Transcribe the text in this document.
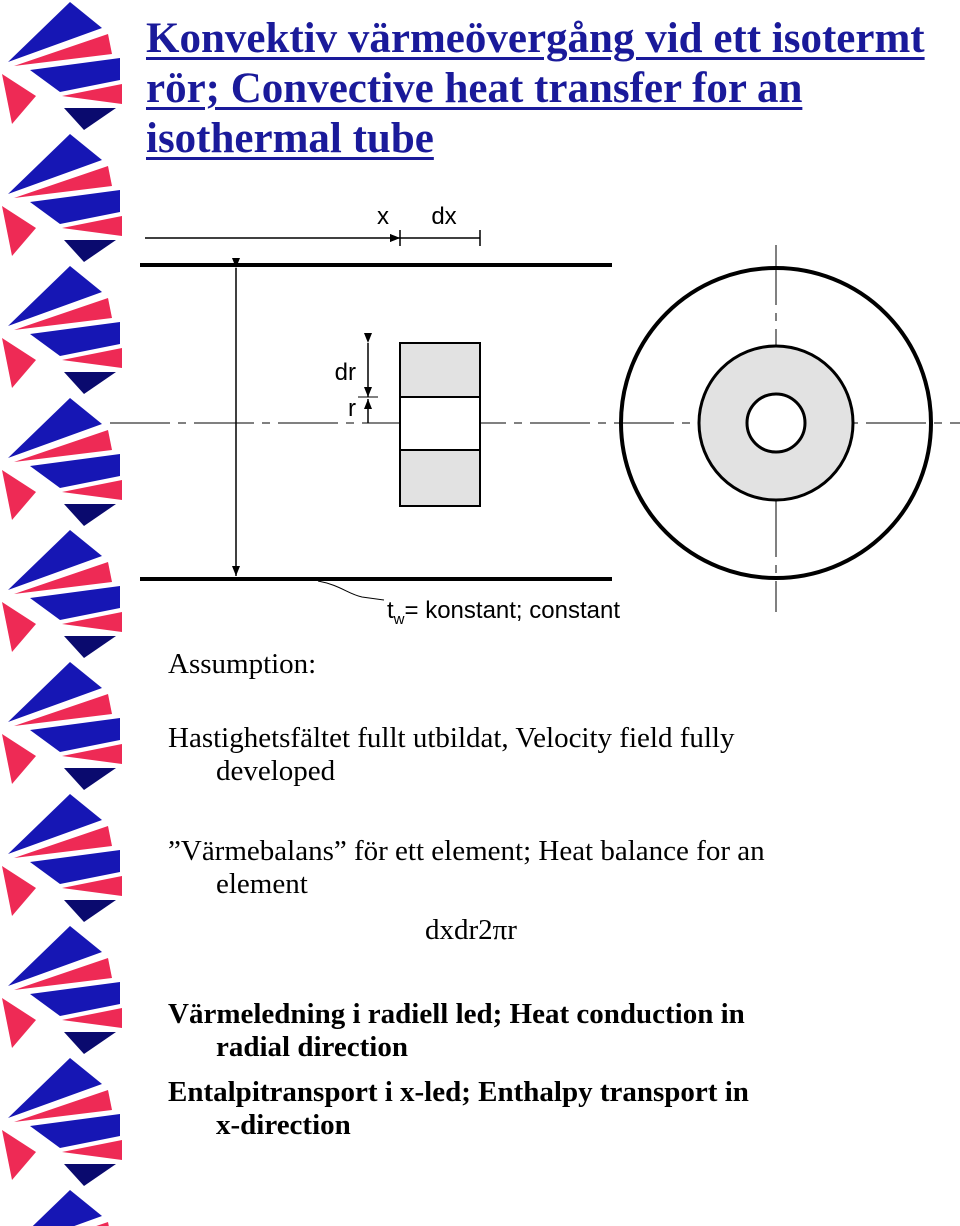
Konvektiv värmeövergång vid ett isotermt rör; Convective heat transfer for an isothermal tube
x dx
dr
r
$t_w=$ konstant; constant

Assumption:

Hastighetsfältet fullt utbildat, Velocity field fully
developed

”Värmebalans” för ett element; Heat balance for an
element

dxdr2πr

Värmeledning i radiell led; Heat conduction in
radial direction

Entalpitransport i x-led; Enthalpy transport in
x-direction
